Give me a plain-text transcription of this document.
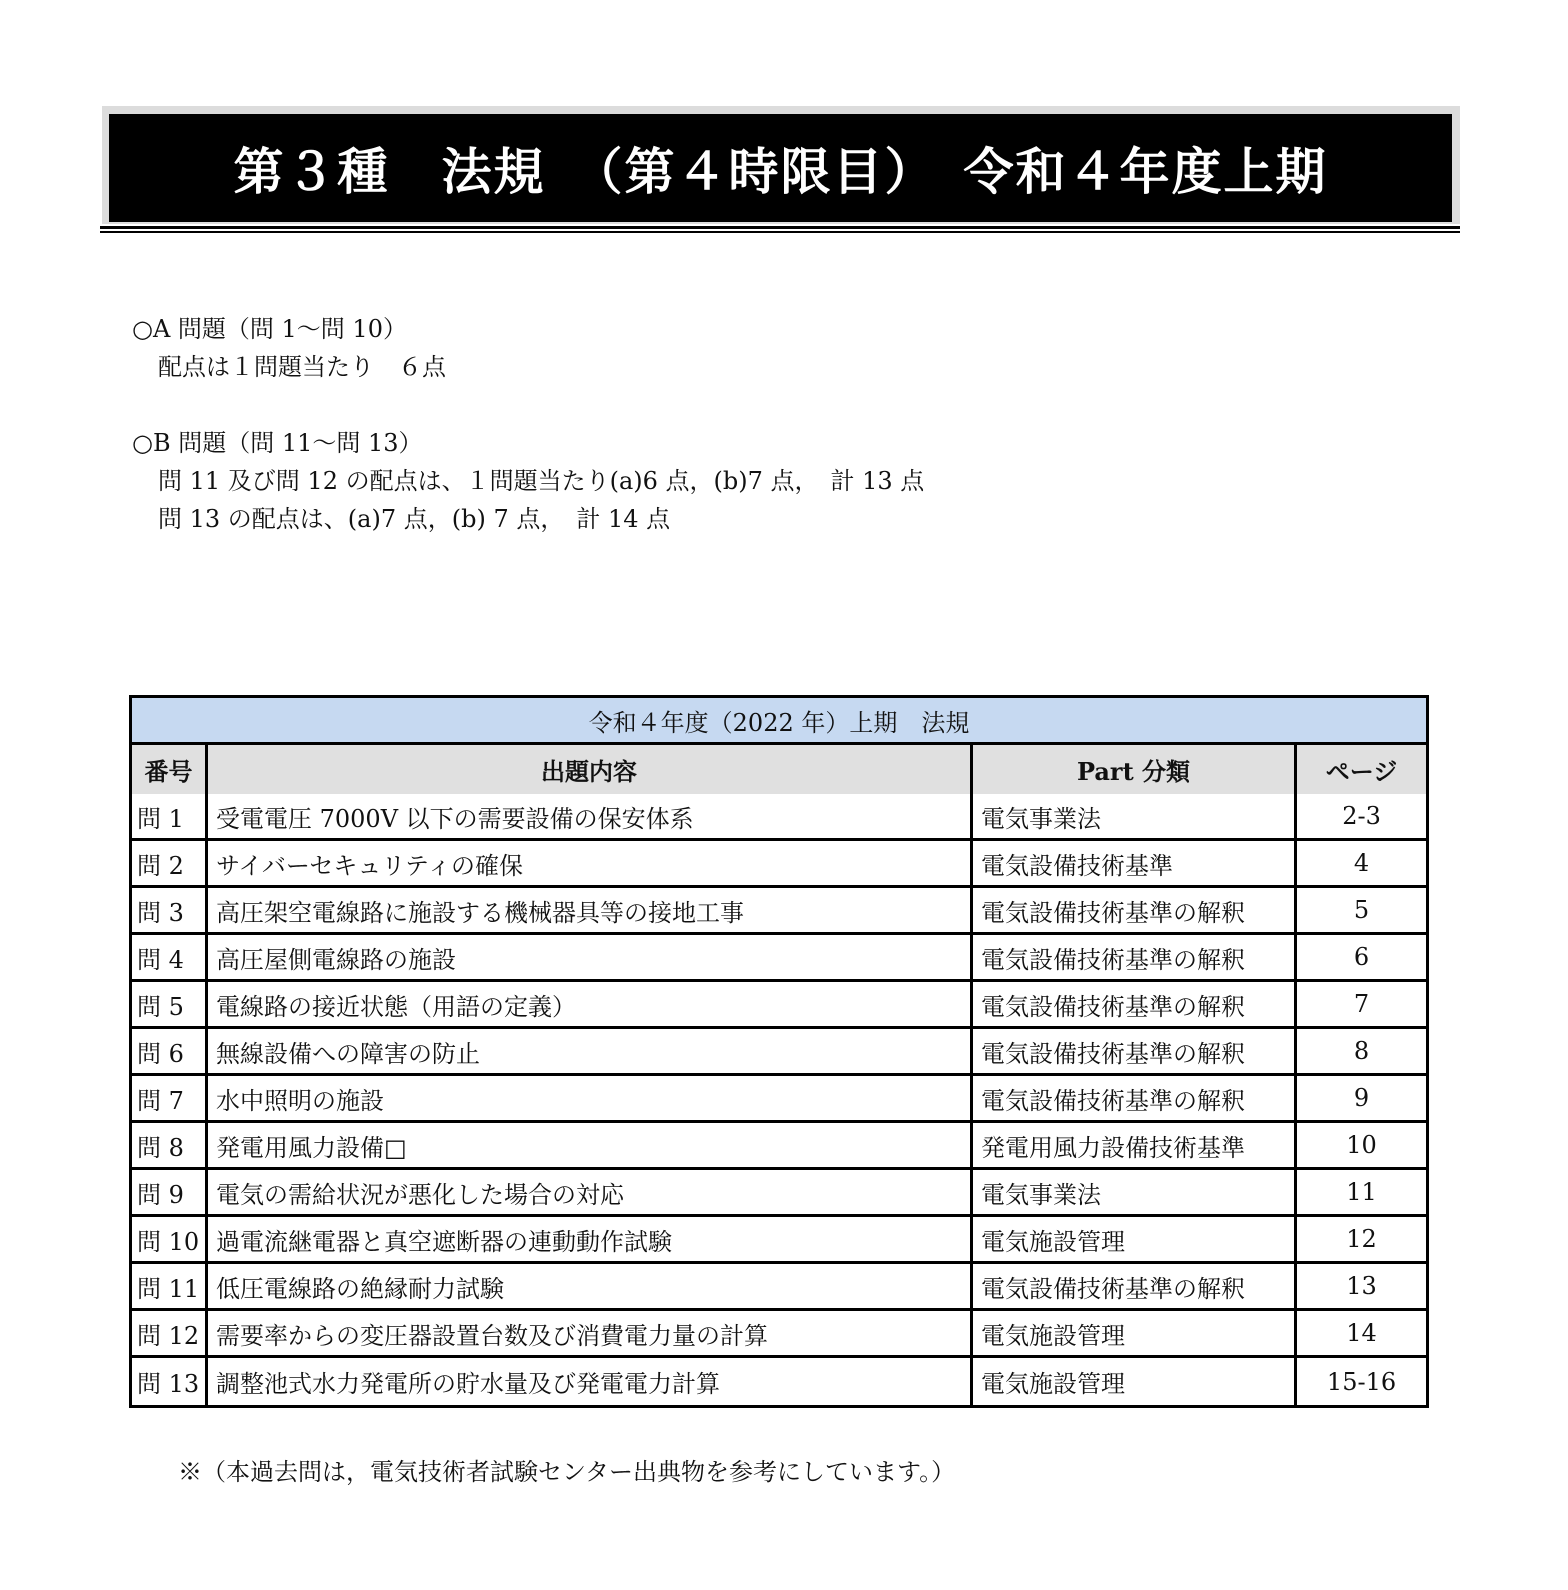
第３種　法規　（第４時限目）　令和４年度上期

○A 問題（問 1～問 10）

配点は１問題当たり　６点

○B 問題（問 11～問 13）

問 11 及び問 12 の配点は、１問題当たり(a)6 点，(b)7 点，　計 13 点

問 13 の配点は、(a)7 点，(b) 7 点，　計 14 点

令和４年度（2022 年）上期　法規			
番号	出題内容	Part 分類	ページ
問 1	受電電圧 7000V 以下の需要設備の保安体系	電気事業法	2-3
問 2	サイバーセキュリティの確保	電気設備技術基準	4
問 3	高圧架空電線路に施設する機械器具等の接地工事	電気設備技術基準の解釈	5
問 4	高圧屋側電線路の施設	電気設備技術基準の解釈	6
問 5	電線路の接近状態（用語の定義）	電気設備技術基準の解釈	7
問 6	無線設備への障害の防止	電気設備技術基準の解釈	8
問 7	水中照明の施設	電気設備技術基準の解釈	9
問 8	発電用風力設備□	発電用風力設備技術基準	10
問 9	電気の需給状況が悪化した場合の対応	電気事業法	11
問 10	過電流継電器と真空遮断器の連動動作試験	電気施設管理	12
問 11	低圧電線路の絶縁耐力試験	電気設備技術基準の解釈	13
問 12	需要率からの変圧器設置台数及び消費電力量の計算	電気施設管理	14
問 13	調整池式水力発電所の貯水量及び発電電力計算	電気施設管理	15-16
※（本過去問は，電気技術者試験センター出典物を参考にしています。）
